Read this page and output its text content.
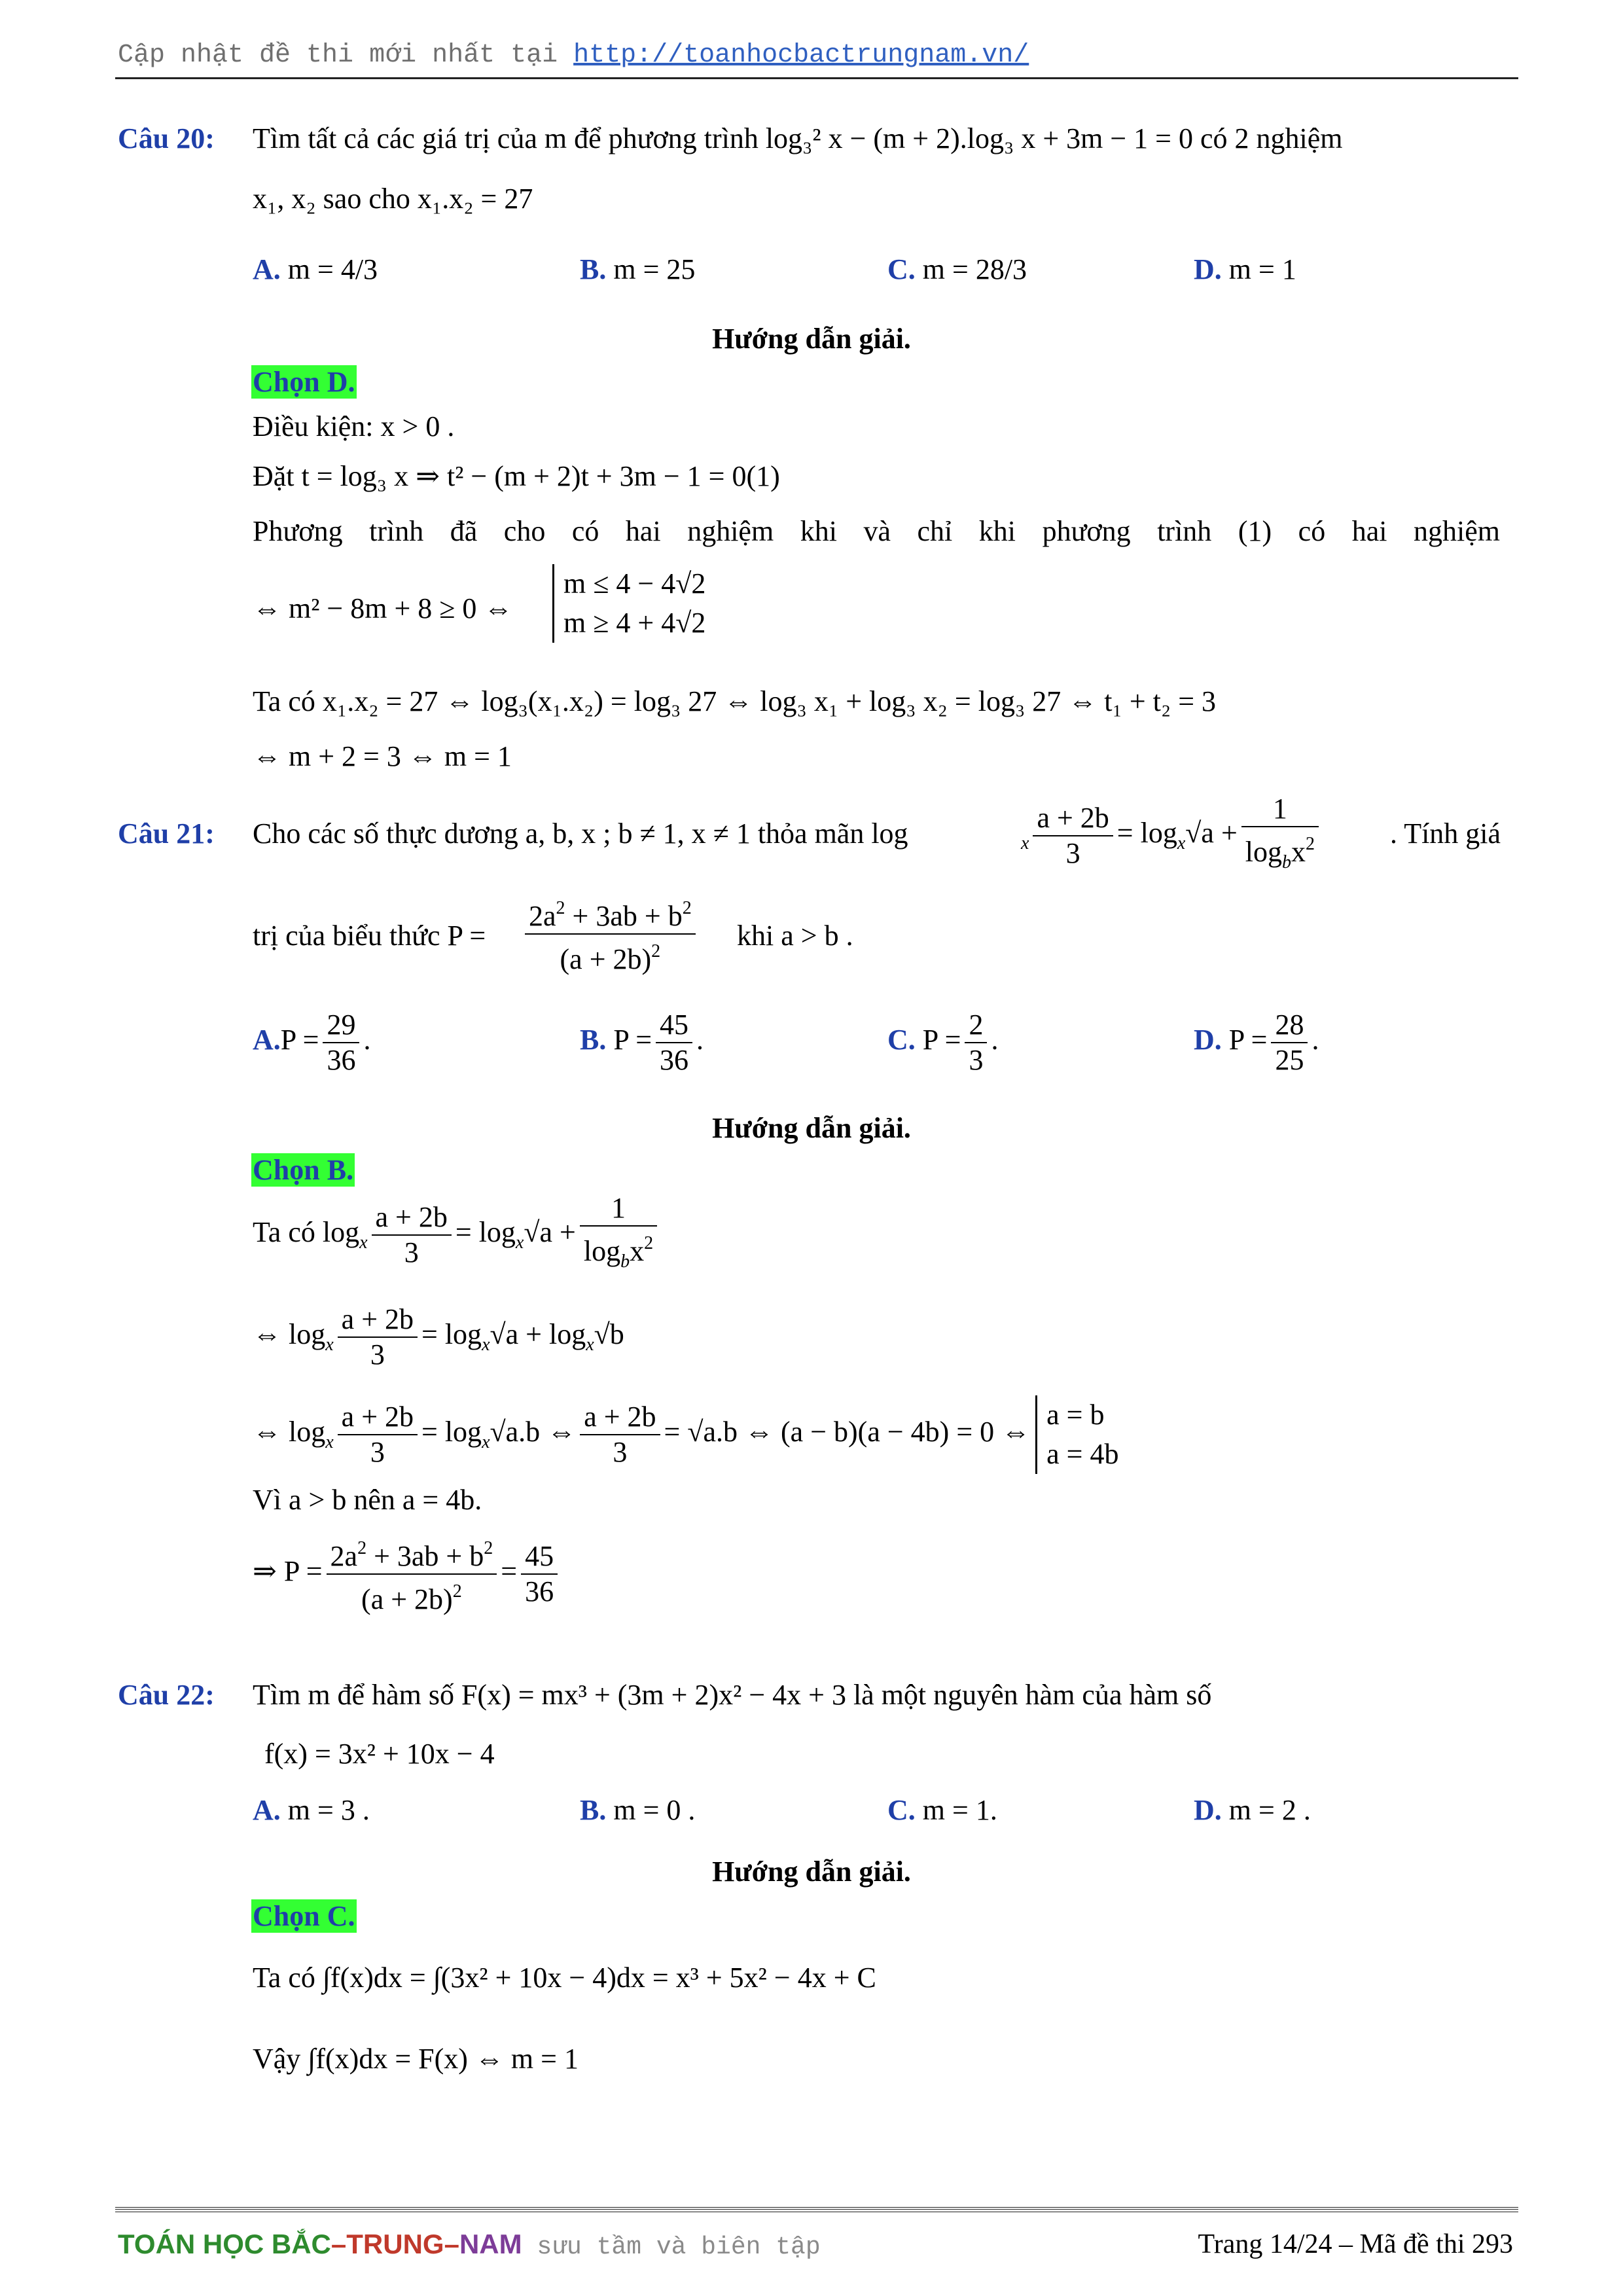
Cập nhật đề thi mới nhất tại http://toanhocbactrungnam.vn/
Câu 20: Tìm tất cả các giá trị của m để phương trình log₃² x − (m + 2).log₃ x + 3m − 1 = 0 có 2 nghiệm
x₁, x₂ sao cho x₁.x₂ = 27
A. m = 4/3	B. m = 25	C. m = 28/3	D. m = 1
Hướng dẫn giải.
Chọn D.
Điều kiện: x > 0 .
Đặt t = log₃ x ⇒ t² − (m + 2)t + 3m − 1 = 0(1)
Phương trình đã cho có hai nghiệm khi và chỉ khi phương trình (1) có hai nghiệm
⇔ m² − 8m + 8 ≥ 0 ⇔
m ≤ 4 − 4√2
m ≥ 4 + 4√2
Ta có x₁.x₂ = 27 ⇔ log₃(x₁.x₂) = log₃ 27 ⇔ log₃ x₁ + log₃ x₂ = log₃ 27 ⇔ t₁ + t₂ = 3
⇔ m + 2 = 3 ⇔ m = 1
Câu 21: Cho các số thực dương a, b, x ; b ≠ 1, x ≠ 1 thỏa mãn log	$_x \frac{a + 2b}{3} = \log_x√a + \frac{1}{\log_bx^2}$ . Tính giá
trị của biểu thức $P = \frac{2a^2 + 3ab + b^2}{(a + 2b)^2}$ khi a > b .
$A.P = \frac{29}{36}$ .	B. $P = \frac{45}{36}$ .	C. $P = \frac{2}{3}$ .	D. $P = \frac{28}{25}$ .
Hướng dẫn giải.
Chọn B.
Ta có $\log_x \frac{a + 2b}{3} = \log_x√a + \frac{1}{\log_bx^2}$
⇔ $\log_x \frac{a + 2b}{3} = \log_x√a + \log_x√b$
⇔ $\log_x \frac{a + 2b}{3} = \log_x√a.b$ ⇔ $\frac{a + 2b}{3} = √a.b$ ⇔ (a − b)(a − 4b) = 0 ⇔
a = b
a = 4b
Vì a > b nên a = 4b.
⇒ $P = \frac{2a^2 + 3ab + b^2}{(a + 2b)^2} = \frac{45}{36}$
Câu 22: Tìm m để hàm số F(x) = mx³ + (3m + 2)x² − 4x + 3 là một nguyên hàm của hàm số
f(x) = 3x² + 10x − 4
A. m = 3 .	B. m = 0 .	C. m = 1.	D. m = 2 .
Hướng dẫn giải.
Chọn C.
Ta có ∫f(x)dx = ∫(3x² + 10x − 4)dx = x³ + 5x² − 4x + C
Vậy ∫f(x)dx = F(x) ⇔ m = 1
TOÁN HỌC BẮC–TRUNG–NAM sưu tầm và biên tập	Trang 14/24 – Mã đề thi 293
